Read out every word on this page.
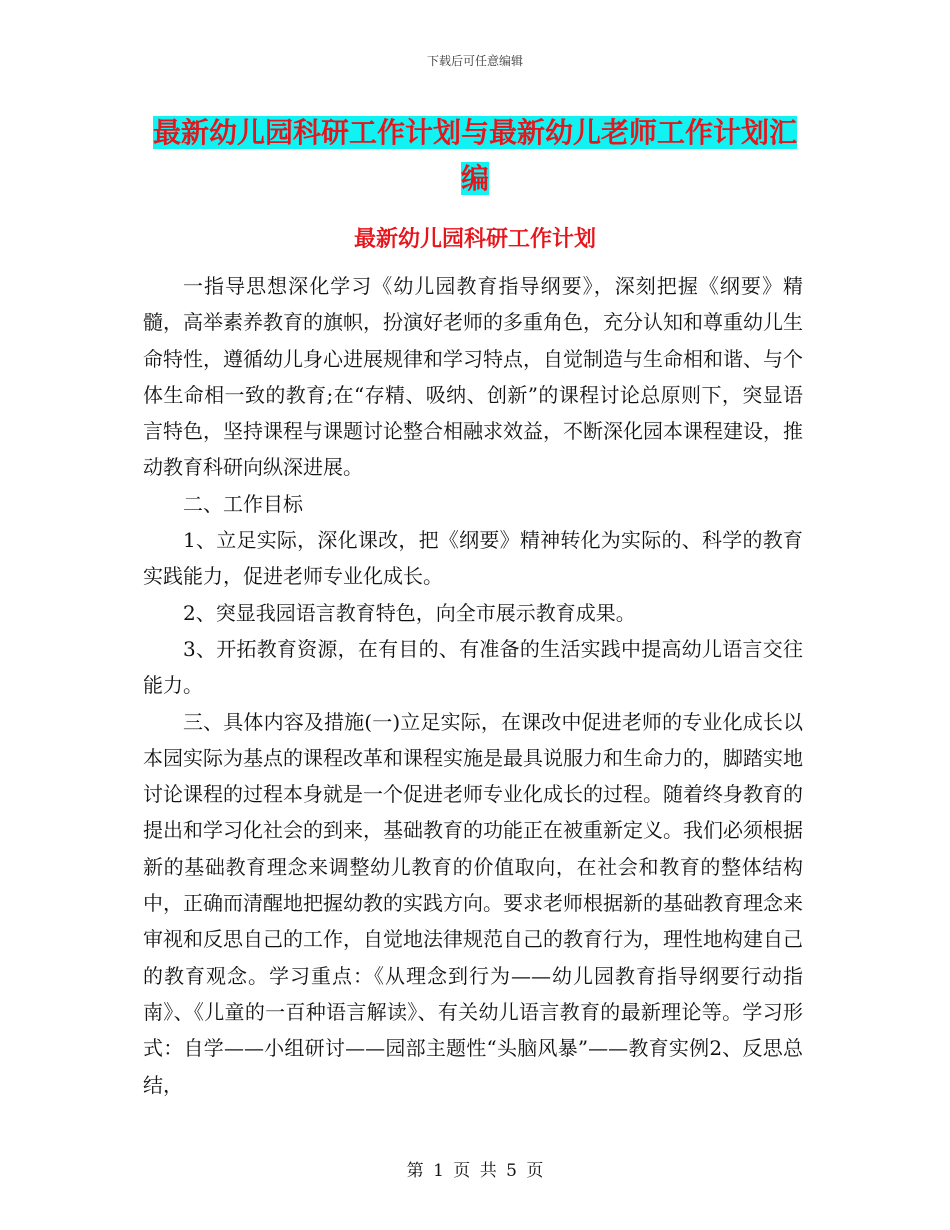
下载后可任意编辑
最新幼儿园科研工作计划与最新幼儿老师工作计划汇
编
最新幼儿园科研工作计划

一指导思想深化学习《幼儿园教育指导纲要》，深刻把握《纲要》精髓，高举素养教育的旗帜，扮演好老师的多重角色，充分认知和尊重幼儿生命特性，遵循幼儿身心进展规律和学习特点，自觉制造与生命相和谐、与个体生命相一致的教育;在“存精、吸纳、创新”的课程讨论总原则下，突显语言特色，坚持课程与课题讨论整合相融求效益，不断深化园本课程建设，推动教育科研向纵深进展。

二、工作目标

1、立足实际，深化课改，把《纲要》精神转化为实际的、科学的教育实践能力，促进老师专业化成长。

2、突显我园语言教育特色，向全市展示教育成果。

3、开拓教育资源，在有目的、有准备的生活实践中提高幼儿语言交往能力。

三、具体内容及措施(一)立足实际，在课改中促进老师的专业化成长以本园实际为基点的课程改革和课程实施是最具说服力和生命力的，脚踏实地讨论课程的过程本身就是一个促进老师专业化成长的过程。随着终身教育的提出和学习化社会的到来，基础教育的功能正在被重新定义。我们必须根据新的基础教育理念来调整幼儿教育的价值取向，在社会和教育的整体结构中，正确而清醒地把握幼教的实践方向。要求老师根据新的基础教育理念来审视和反思自己的工作，自觉地法律规范自己的教育行为，理性地构建自己的教育观念。学习重点：《从理念到行为——幼儿园教育指导纲要行动指南》、《儿童的一百种语言解读》、有关幼儿语言教育的最新理论等。学习形式：自学——小组研讨——园部主题性“头脑风暴”——教育实例2、反思总结，

第 1 页 共 5 页
